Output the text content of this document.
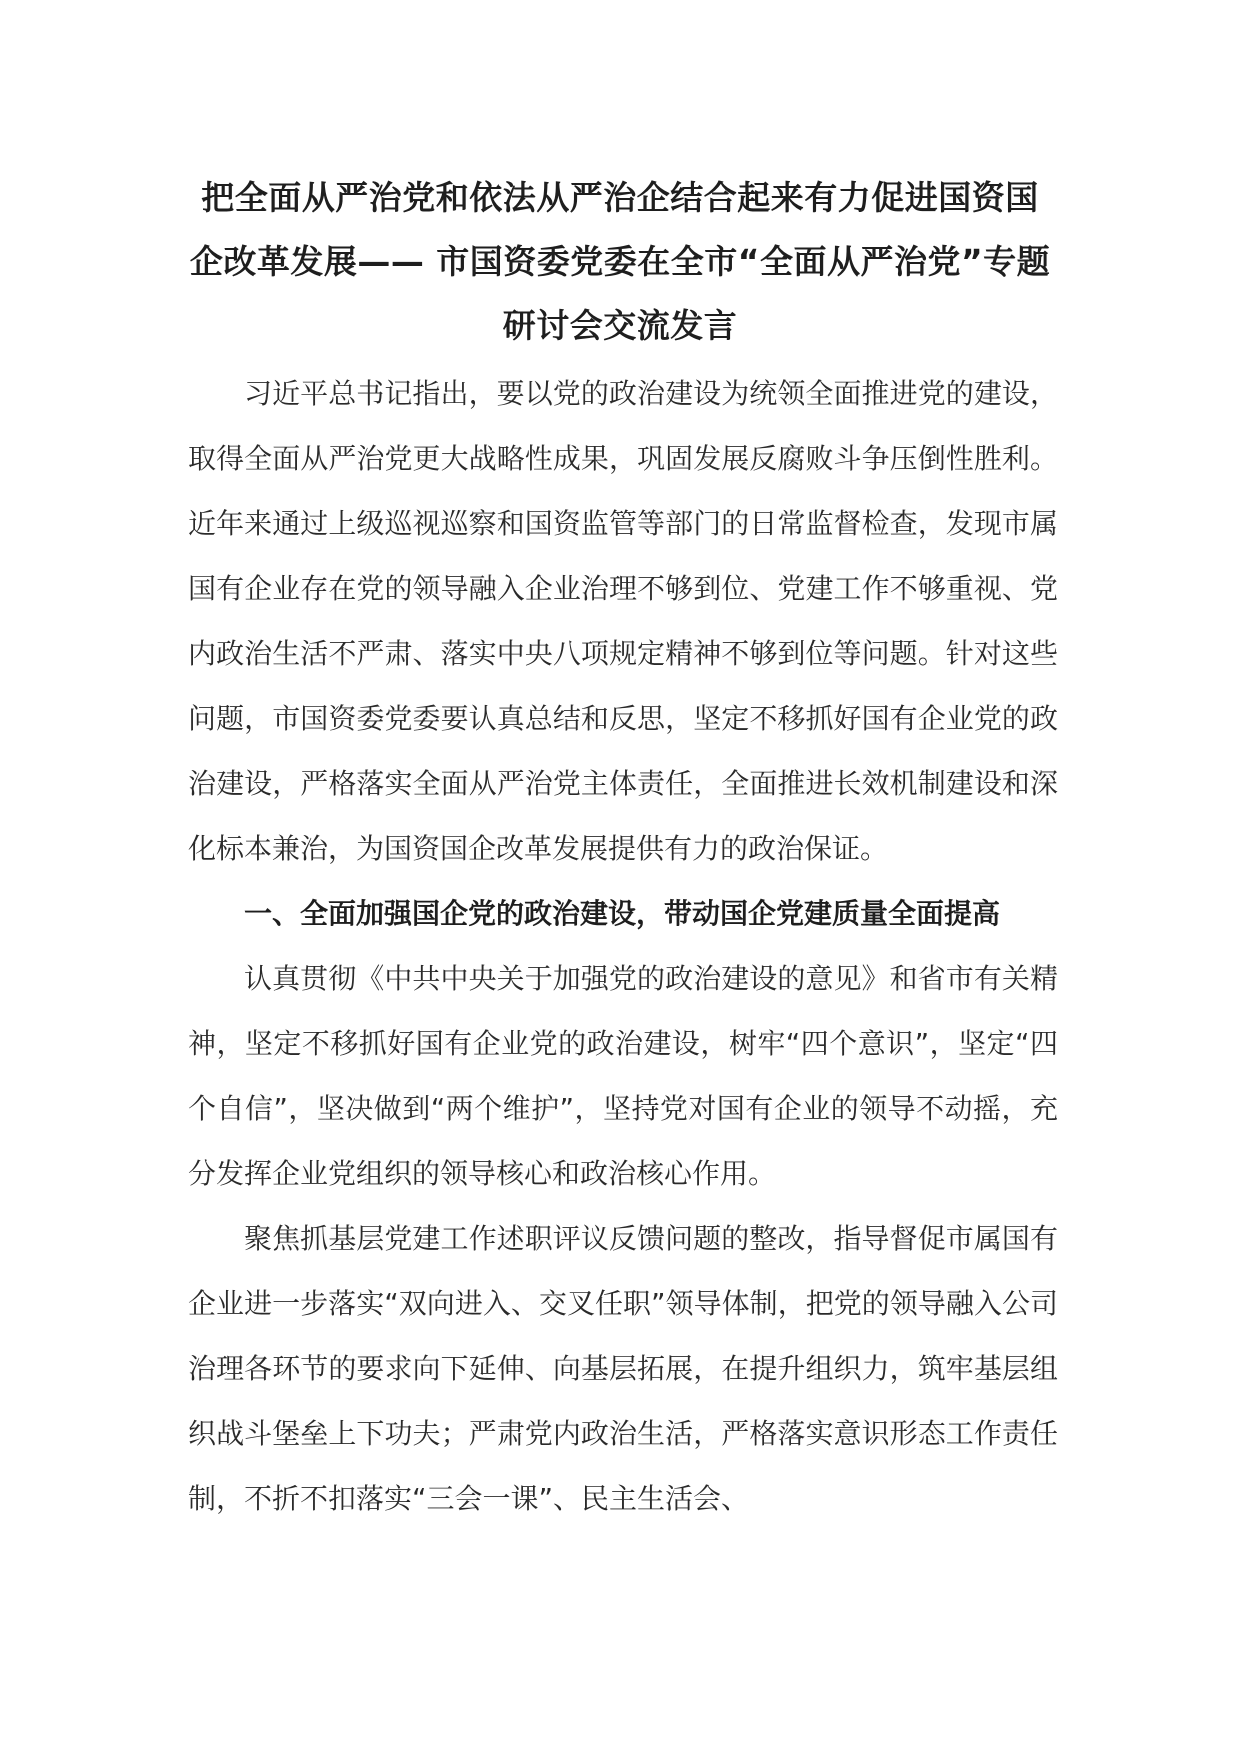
把全面从严治党和依法从严治企结合起来有力促进国资国企改革发展—— 市国资委党委在全市“全面从严治党”专题研讨会交流发言

习近平总书记指出，要以党的政治建设为统领全面推进党的建设，取得全面从严治党更大战略性成果，巩固发展反腐败斗争压倒性胜利。近年来通过上级巡视巡察和国资监管等部门的日常监督检查，发现市属国有企业存在党的领导融入企业治理不够到位、党建工作不够重视、党内政治生活不严肃、落实中央八项规定精神不够到位等问题。针对这些问题，市国资委党委要认真总结和反思，坚定不移抓好国有企业党的政治建设，严格落实全面从严治党主体责任，全面推进长效机制建设和深化标本兼治，为国资国企改革发展提供有力的政治保证。

一、全面加强国企党的政治建设，带动国企党建质量全面提高

认真贯彻《中共中央关于加强党的政治建设的意见》和省市有关精神，坚定不移抓好国有企业党的政治建设，树牢“四个意识”，坚定“四个自信”，坚决做到“两个维护”，坚持党对国有企业的领导不动摇，充分发挥企业党组织的领导核心和政治核心作用。

聚焦抓基层党建工作述职评议反馈问题的整改，指导督促市属国有企业进一步落实“双向进入、交叉任职”领导体制，把党的领导融入公司治理各环节的要求向下延伸、向基层拓展，在提升组织力，筑牢基层组织战斗堡垒上下功夫；严肃党内政治生活，严格落实意识形态工作责任制，不折不扣落实“三会一课”、民主生活会、
